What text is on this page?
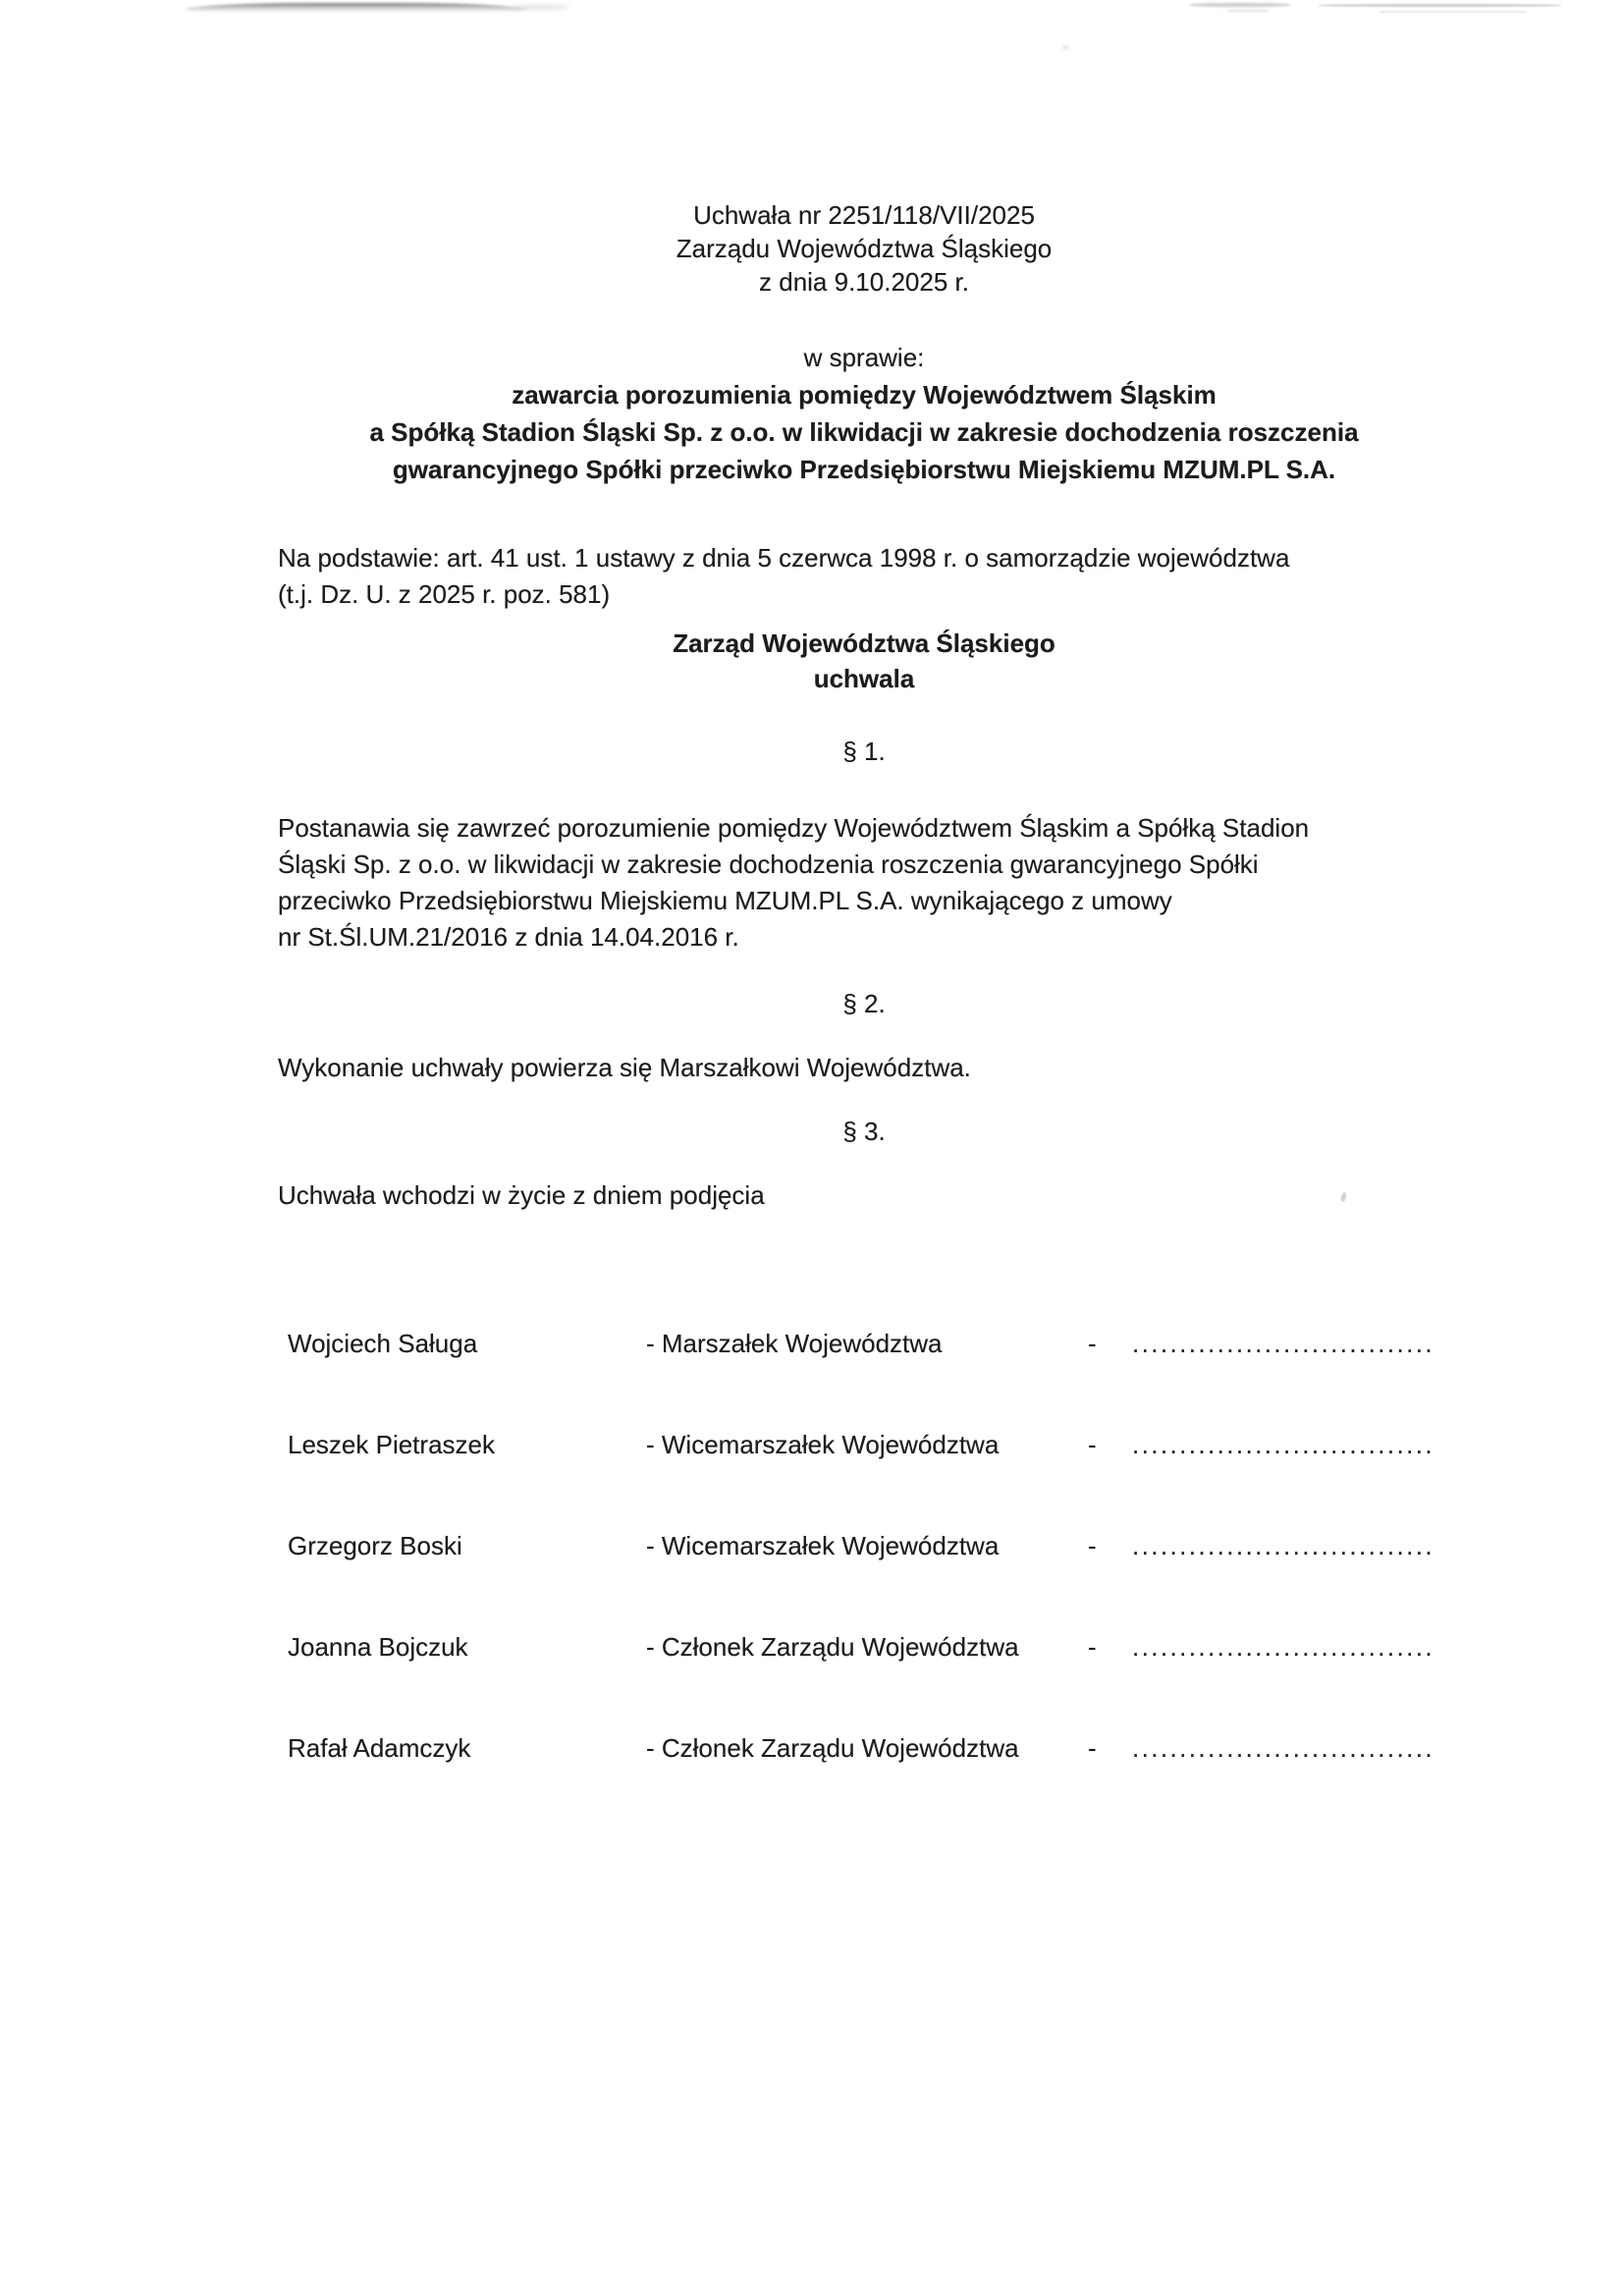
Uchwała nr 2251/118/VII/2025
Zarządu Województwa Śląskiego
z dnia 9.10.2025 r.
w sprawie:
zawarcia porozumienia pomiędzy Województwem Śląskim
a Spółką Stadion Śląski Sp. z o.o. w likwidacji w zakresie dochodzenia roszczenia
gwarancyjnego Spółki przeciwko Przedsiębiorstwu Miejskiemu MZUM.PL S.A.
Na podstawie: art. 41 ust. 1 ustawy z dnia 5 czerwca 1998 r. o samorządzie województwa
(t.j. Dz. U. z 2025 r. poz. 581)
Zarząd Województwa Śląskiego
uchwala
§ 1.
Postanawia się zawrzeć porozumienie pomiędzy Województwem Śląskim a Spółką Stadion
Śląski Sp. z o.o. w likwidacji w zakresie dochodzenia roszczenia gwarancyjnego Spółki
przeciwko Przedsiębiorstwu Miejskiemu MZUM.PL S.A. wynikającego z umowy
nr St.Śl.UM.21/2016 z dnia 14.04.2016 r.
§ 2.
Wykonanie uchwały powierza się Marszałkowi Województwa.
§ 3.
Uchwała wchodzi w życie z dniem podjęcia
Wojciech Saługa	- Marszałek Województwa	-	................................
Leszek Pietraszek	- Wicemarszałek Województwa	-	................................
Grzegorz Boski	- Wicemarszałek Województwa	-	................................
Joanna Bojczuk	- Członek Zarządu Województwa	-	................................
Rafał Adamczyk	- Członek Zarządu Województwa	-	................................
